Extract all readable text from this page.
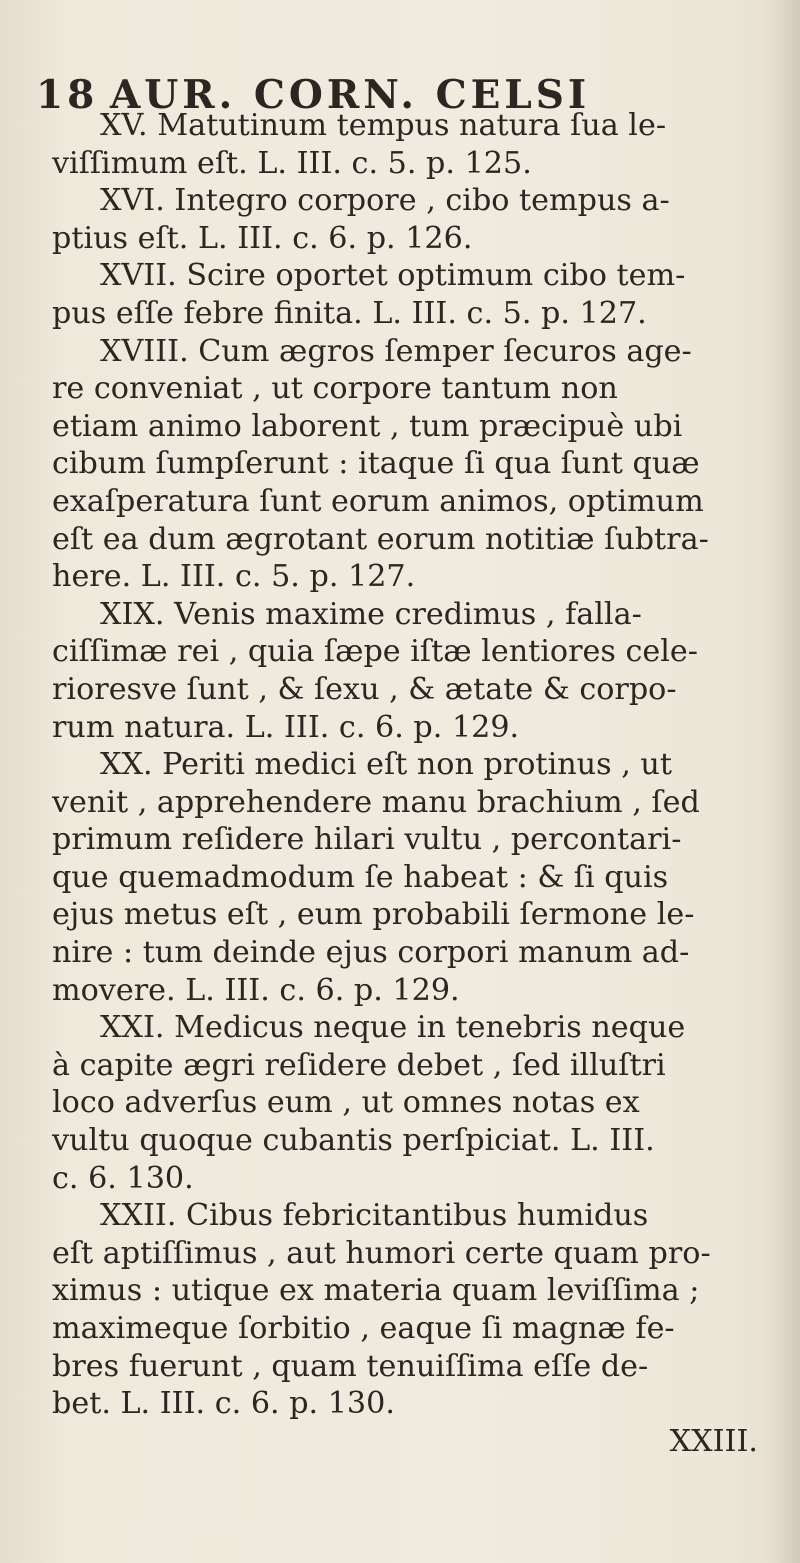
18 AUR. CORN. CELSI
XV. Matutinum tempus natura ſua le-
viſſimum eſt. L. III. c. 5. p. 125.
XVI. Integro corpore , cibo tempus a-
ptius eſt. L. III. c. 6. p. 126.
XVII. Scire oportet optimum cibo tem-
pus eſſe febre finita. L. III. c. 5. p. 127.
XVIII. Cum ægros ſemper ſecuros age-
re conveniat , ut corpore tantum non
etiam animo laborent , tum præcipuè ubi
cibum ſumpſerunt : itaque ſi qua ſunt quæ
exaſperatura ſunt eorum animos, optimum
eſt ea dum ægrotant eorum notitiæ ſubtra-
here. L. III. c. 5. p. 127.
XIX. Venis maxime credimus , falla-
ciſſimæ rei , quia ſæpe iſtæ lentiores cele-
rioresve ſunt , & ſexu , & ætate & corpo-
rum natura. L. III. c. 6. p. 129.
XX. Periti medici eſt non protinus , ut
venit , apprehendere manu brachium , ſed
primum reſidere hilari vultu , percontari-
que quemadmodum ſe habeat : & ſi quis
ejus metus eſt , eum probabili ſermone le-
nire : tum deinde ejus corpori manum ad-
movere. L. III. c. 6. p. 129.
XXI. Medicus neque in tenebris neque
à capite ægri reſidere debet , ſed illuſtri
loco adverſus eum , ut omnes notas ex
vultu quoque cubantis perſpiciat. L. III.
c. 6. 130.
XXII. Cibus febricitantibus humidus
eſt aptiſſimus , aut humori certe quam pro-
ximus : utique ex materia quam leviſſima ;
maximeque ſorbitio , eaque ſi magnæ fe-
bres fuerunt , quam tenuiſſima eſſe de-
bet. L. III. c. 6. p. 130.
XXIII.
